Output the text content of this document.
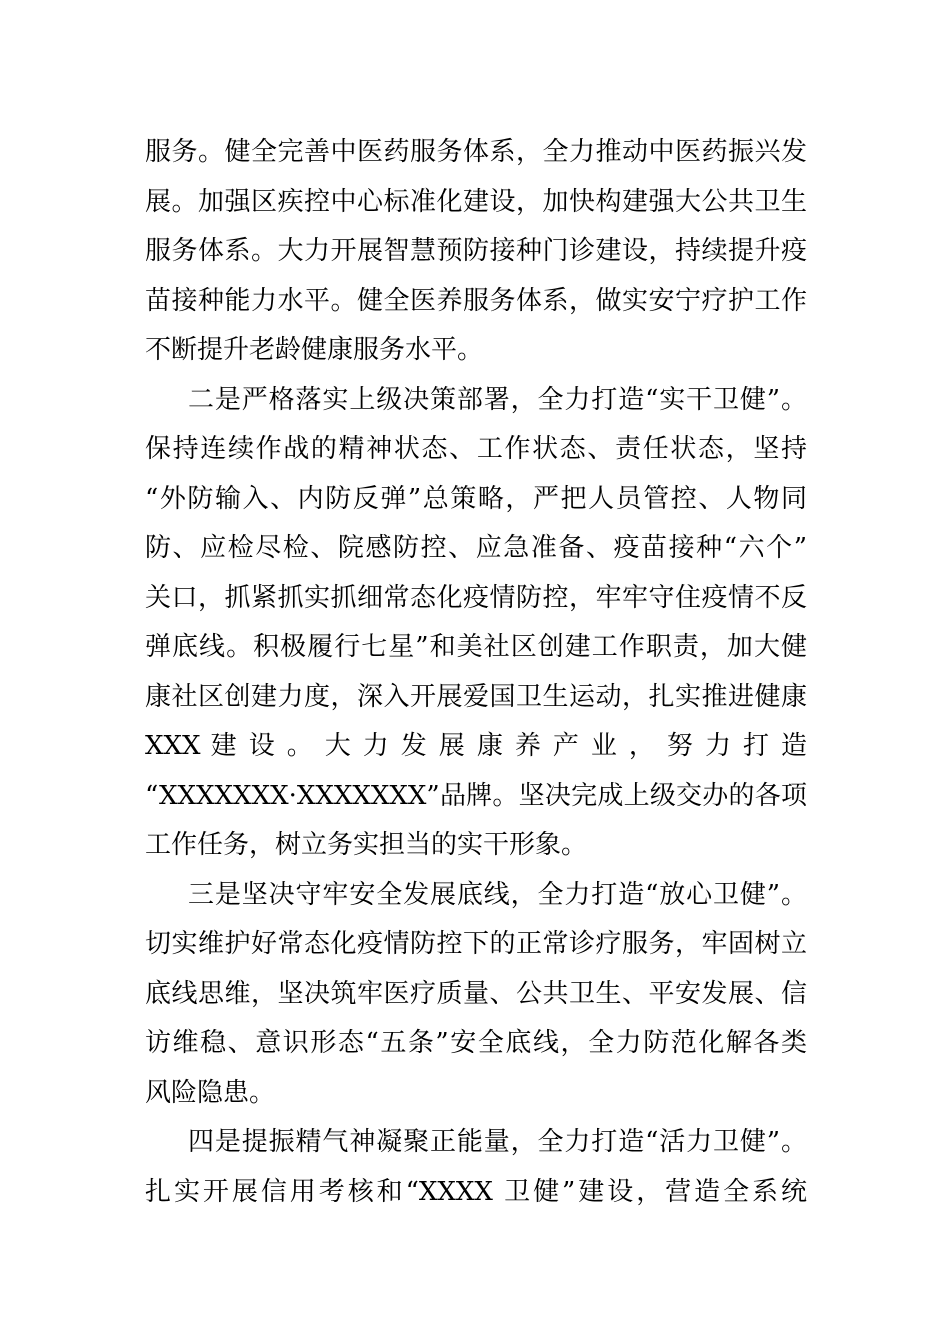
服务。健全完善中医药服务体系，全力推动中医药振兴发
展。加强区疾控中心标准化建设，加快构建强大公共卫生
服务体系。大力开展智慧预防接种门诊建设，持续提升疫
苗接种能力水平。健全医养服务体系，做实安宁疗护工作
不断提升老龄健康服务水平。
二是严格落实上级决策部署，全力打造“实干卫健”。
保持连续作战的精神状态、工作状态、责任状态，坚持
“外防输入、内防反弹”总策略，严把人员管控、人物同
防、应检尽检、院感防控、应急准备、疫苗接种“六个”
关口，抓紧抓实抓细常态化疫情防控，牢牢守住疫情不反
弹底线。积极履行七星”和美社区创建工作职责，加大健
康社区创建力度，深入开展爱国卫生运动，扎实推进健康
XXX 建 设 。 大 力 发 展 康 养 产 业 ， 努 力 打 造
“XXXXXXX·XXXXXXX”品牌。坚决完成上级交办的各项
工作任务，树立务实担当的实干形象。
三是坚决守牢安全发展底线，全力打造“放心卫健”。
切实维护好常态化疫情防控下的正常诊疗服务，牢固树立
底线思维，坚决筑牢医疗质量、公共卫生、平安发展、信
访维稳、意识形态“五条”安全底线，全力防范化解各类
风险隐患。
四是提振精气神凝聚正能量，全力打造“活力卫健”。
扎实开展信用考核和“XXXX 卫健”建设，营造全系统
